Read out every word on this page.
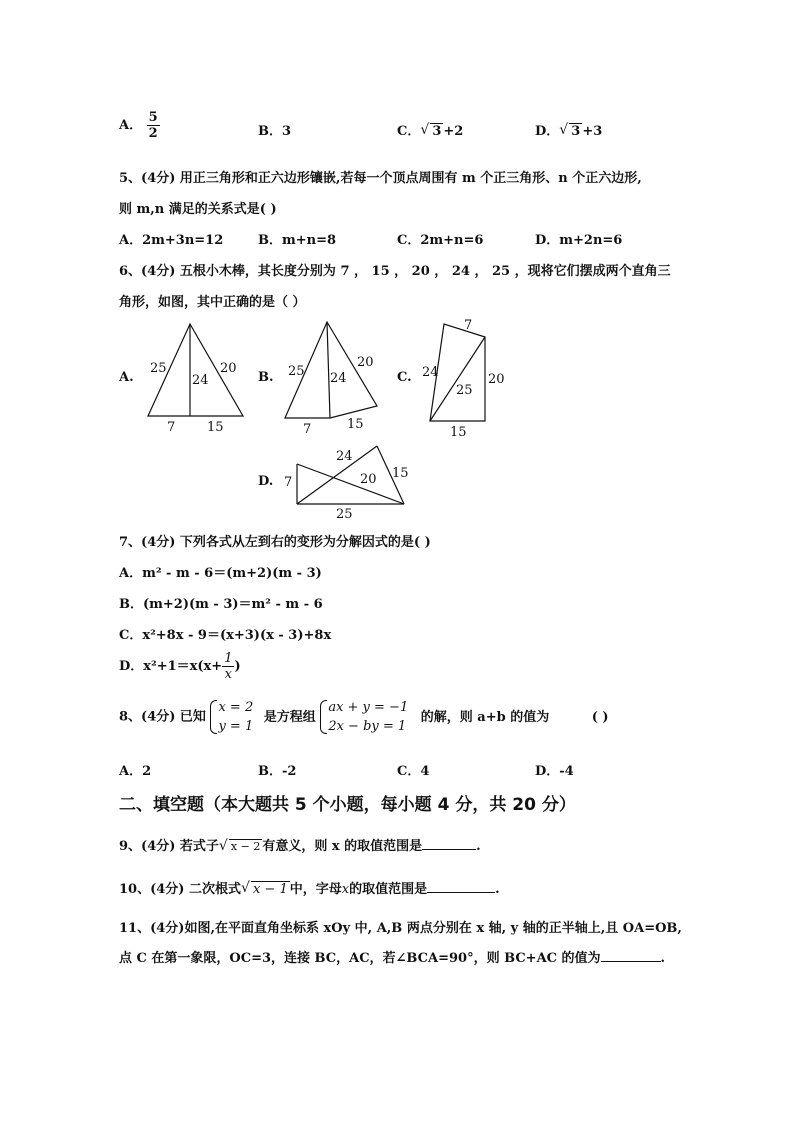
A． $\frac{5}{2}$	B．3	C． √ 3 +2	D． √ 3 +3
5、(4分) 用正三角形和正六边形镶嵌,若每一个顶点周围有 m 个正三角形、n 个正六边形,
则 m,n 满足的关系式是( )
A．2m+3n=12	B．m+n=8	C．2m+n=6	D．m+2n=6
6、(4分) 五根小木棒，其长度分别为 7 ， 15 ， 20 ， 24 ， 25 ，现将它们摆成两个直角三
角形，如图，其中正确的是（ ）
A.	B.	C.
D.
25
24
20
7 15
25 24
20
7	15
7
24
25
20
15
24
7	20 15
25
7、(4分) 下列各式从左到右的变形为分解因式的是( )
A．m² - m - 6＝(m+2)(m - 3)
B．(m+2)(m - 3)＝m² - m - 6
C．x²+8x - 9＝(x+3)(x - 3)+8x
D．$x^2+1=x(x+ \frac{1}{x}$ )
8、(4分) 已知
x = 2
y = 1
是方程组
ax + y = −1
2x − by = 1
的解，则 a+b 的值为	( )
A．2	B．-2	C．4	D．-4
二、填空题（本大题共 5 个小题，每小题 4 分，共 20 分）
9、(4分) 若式子 √ x − 2 有意义，则 x 的取值范围是	.
10、(4分) 二次根式 √ x − 1 中，字母x的取值范围是	.
11、(4分)如图,在平面直角坐标系 xOy 中, A,B 两点分别在 x 轴, y 轴的正半轴上,且 OA=OB,
点 C 在第一象限，OC=3，连接 BC，AC，若∠BCA=90°，则 BC+AC 的值为	.
